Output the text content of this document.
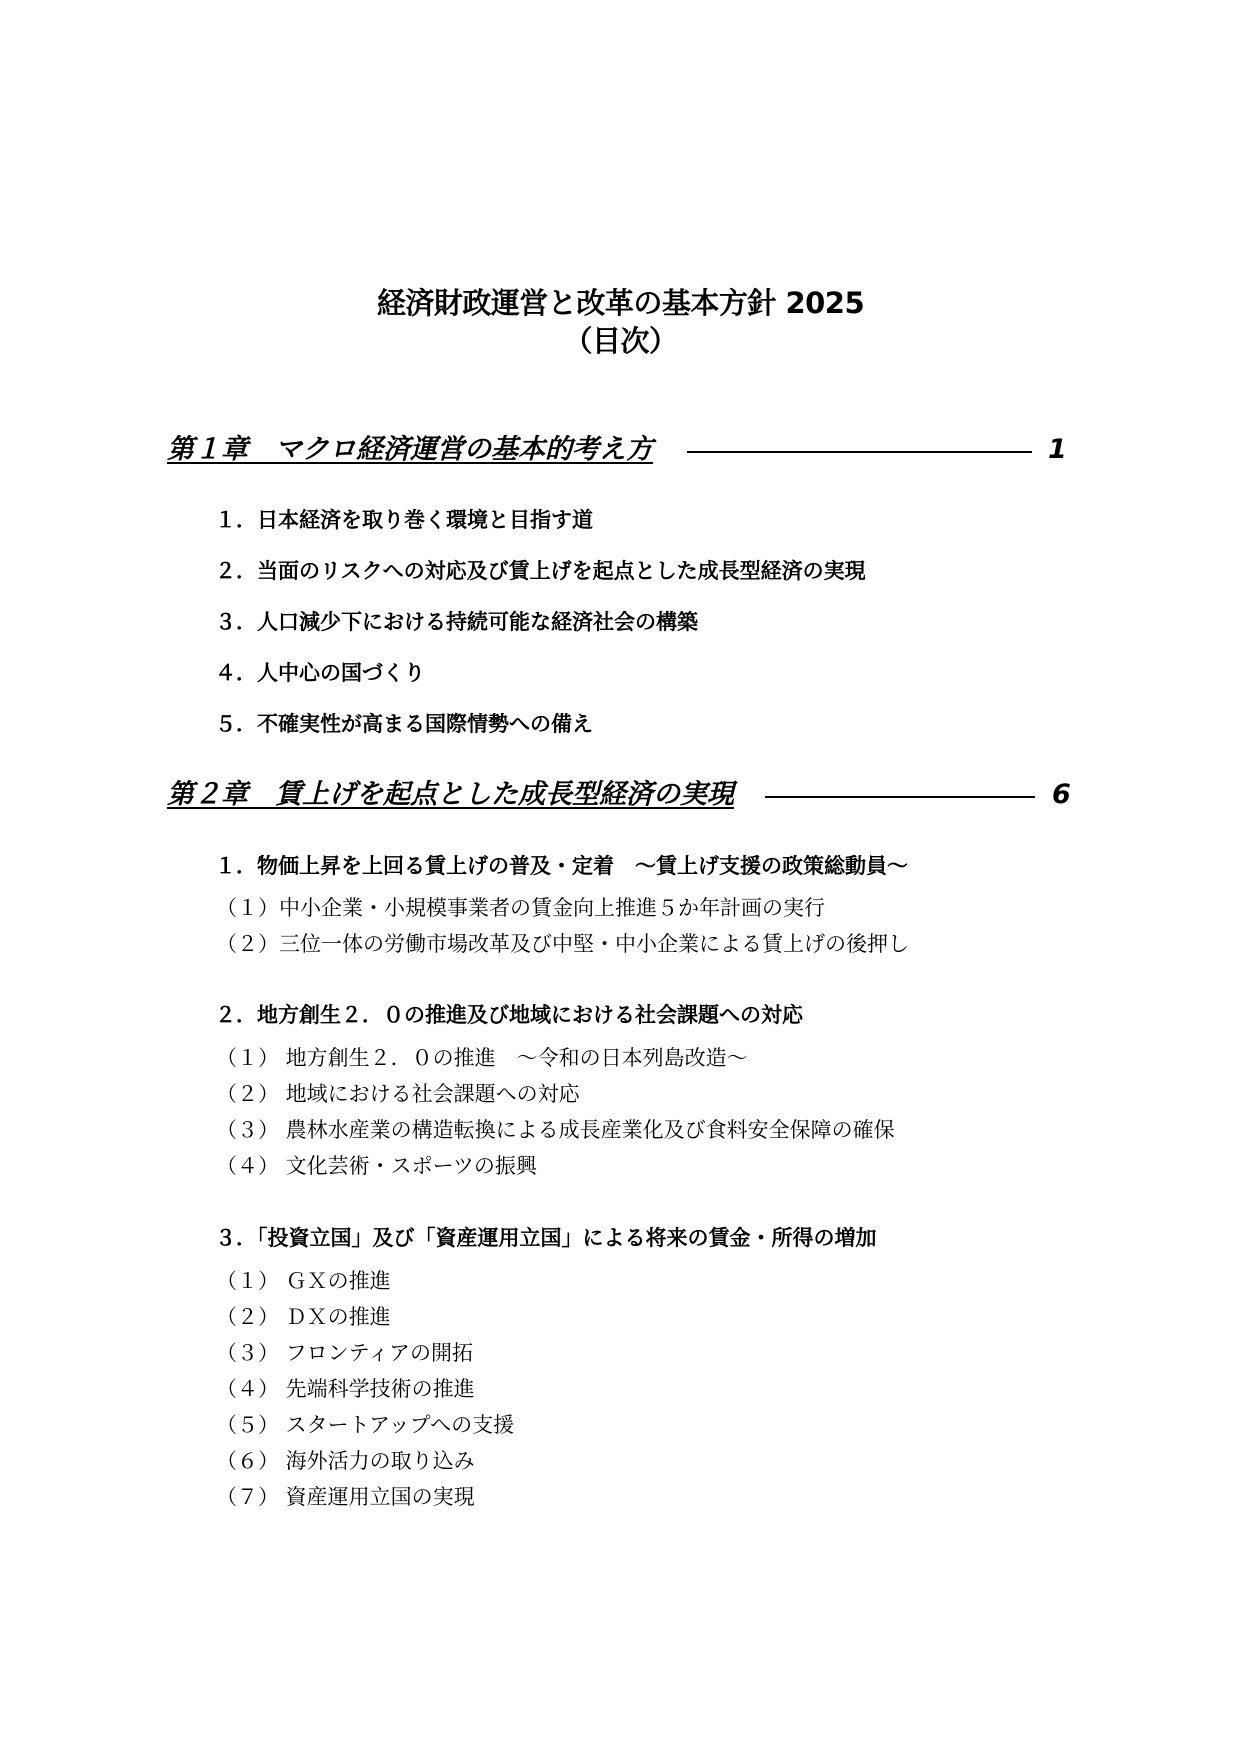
経済財政運営と改革の基本方針 2025
（目次）
第１章　マクロ経済運営の基本的考え方	1
１．日本経済を取り巻く環境と目指す道
２．当面のリスクへの対応及び賃上げを起点とした成長型経済の実現
３．人口減少下における持続可能な経済社会の構築
４．人中心の国づくり
５．不確実性が高まる国際情勢への備え
第２章　賃上げを起点とした成長型経済の実現	6
１．物価上昇を上回る賃上げの普及・定着　～賃上げ支援の政策総動員～
（１）中小企業・小規模事業者の賃金向上推進５か年計画の実行
（２）三位一体の労働市場改革及び中堅・中小企業による賃上げの後押し
２．地方創生２．０の推進及び地域における社会課題への対応
（１） 地方創生２．０の推進　～令和の日本列島改造～
（２） 地域における社会課題への対応
（３） 農林水産業の構造転換による成長産業化及び食料安全保障の確保
（４） 文化芸術・スポーツの振興
３．「投資立国」及び「資産運用立国」による将来の賃金・所得の増加
（１） ＧＸの推進
（２） ＤＸの推進
（３） フロンティアの開拓
（４） 先端科学技術の推進
（５） スタートアップへの支援
（６） 海外活力の取り込み
（７） 資産運用立国の実現
